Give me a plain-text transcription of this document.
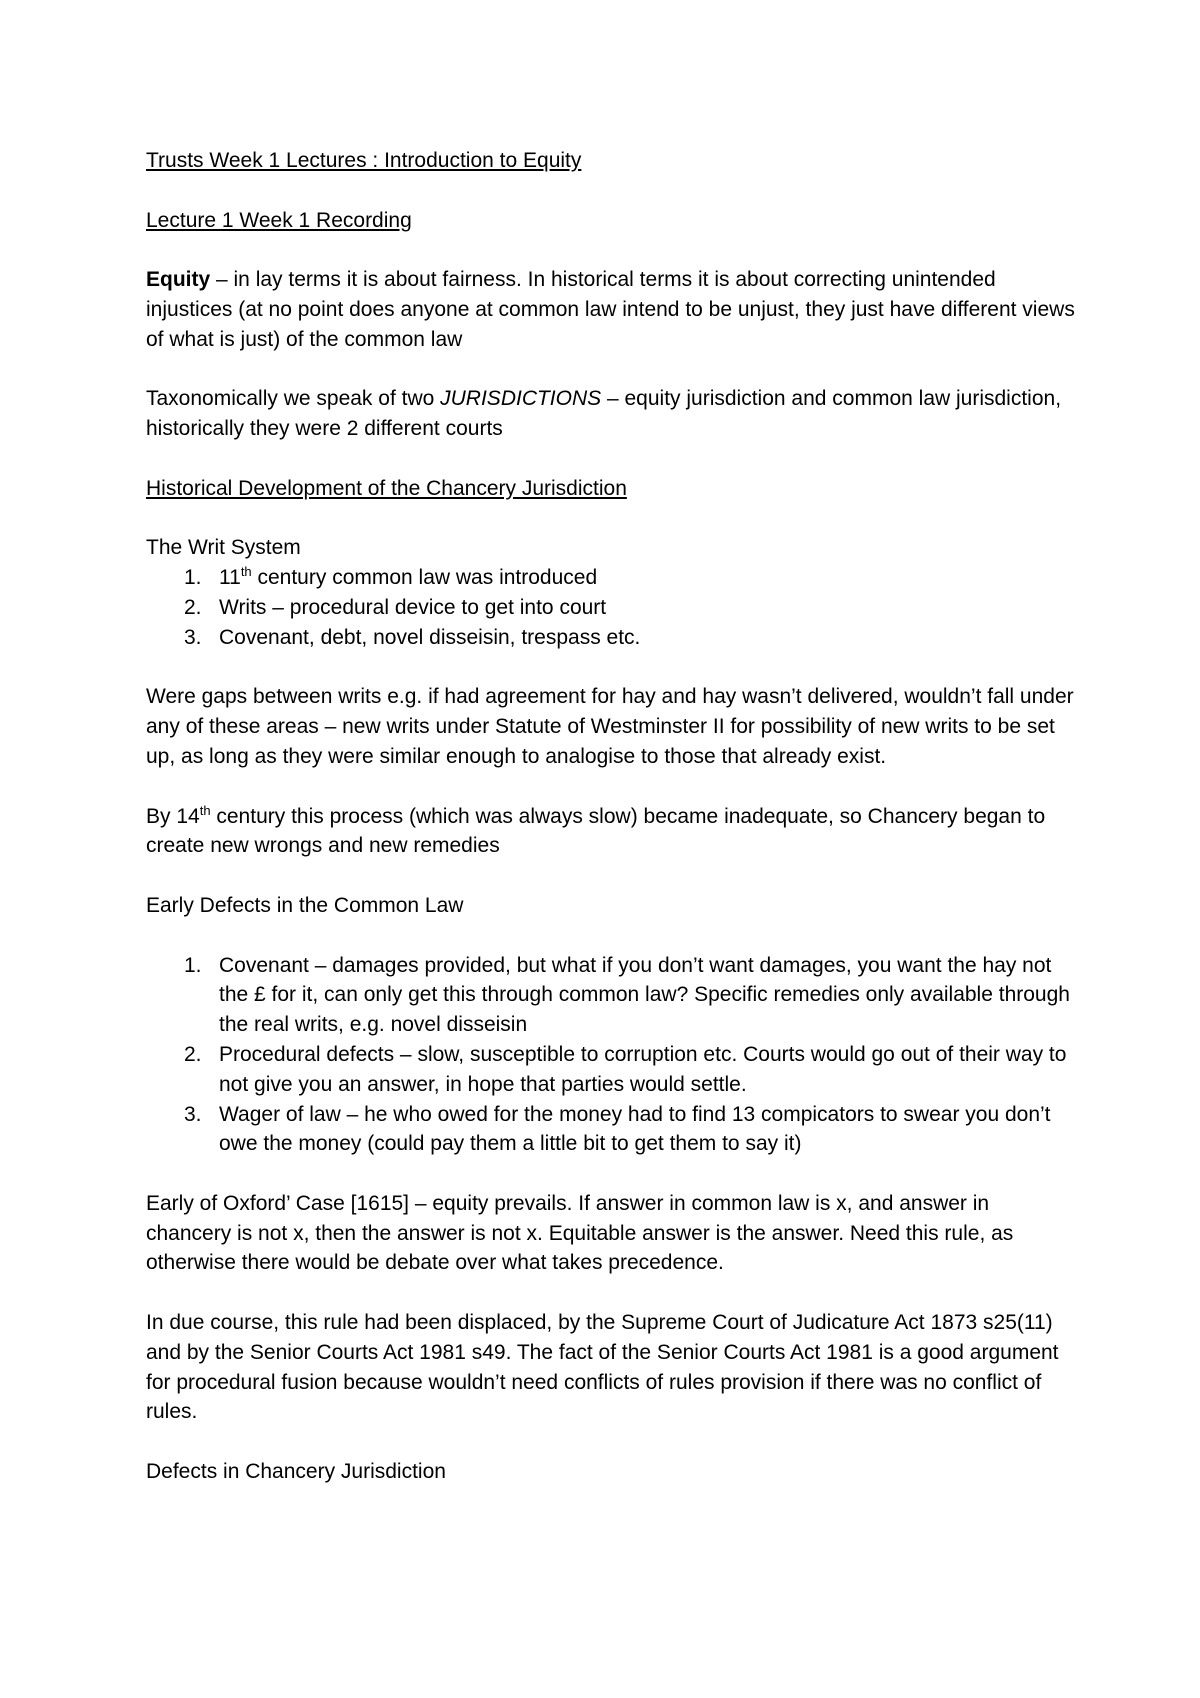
Trusts Week 1 Lectures : Introduction to Equity

Lecture 1 Week 1 Recording

Equity – in lay terms it is about fairness. In historical terms it is about correcting unintended injustices (at no point does anyone at common law intend to be unjust, they just have different views of what is just) of the common law

Taxonomically we speak of two JURISDICTIONS – equity jurisdiction and common law jurisdiction, historically they were 2 different courts

Historical Development of the Chancery Jurisdiction

The Writ System

1. 11th century common law was introduced
2. Writs – procedural device to get into court
3. Covenant, debt, novel disseisin, trespass etc.

Were gaps between writs e.g. if had agreement for hay and hay wasn’t delivered, wouldn’t fall under any of these areas – new writs under Statute of Westminster II for possibility of new writs to be set up, as long as they were similar enough to analogise to those that already exist.

By 14th century this process (which was always slow) became inadequate, so Chancery began to create new wrongs and new remedies

Early Defects in the Common Law

1. Covenant – damages provided, but what if you don’t want damages, you want the hay not the £ for it, can only get this through common law? Specific remedies only available through the real writs, e.g. novel disseisin
2. Procedural defects – slow, susceptible to corruption etc. Courts would go out of their way to not give you an answer, in hope that parties would settle.
3. Wager of law – he who owed for the money had to find 13 compicators to swear you don’t owe the money (could pay them a little bit to get them to say it)

Early of Oxford’ Case [1615] – equity prevails. If answer in common law is x, and answer in chancery is not x, then the answer is not x. Equitable answer is the answer. Need this rule, as otherwise there would be debate over what takes precedence.

In due course, this rule had been displaced, by the Supreme Court of Judicature Act 1873 s25(11) and by the Senior Courts Act 1981 s49. The fact of the Senior Courts Act 1981 is a good argument for procedural fusion because wouldn’t need conflicts of rules provision if there was no conflict of rules.

Defects in Chancery Jurisdiction
